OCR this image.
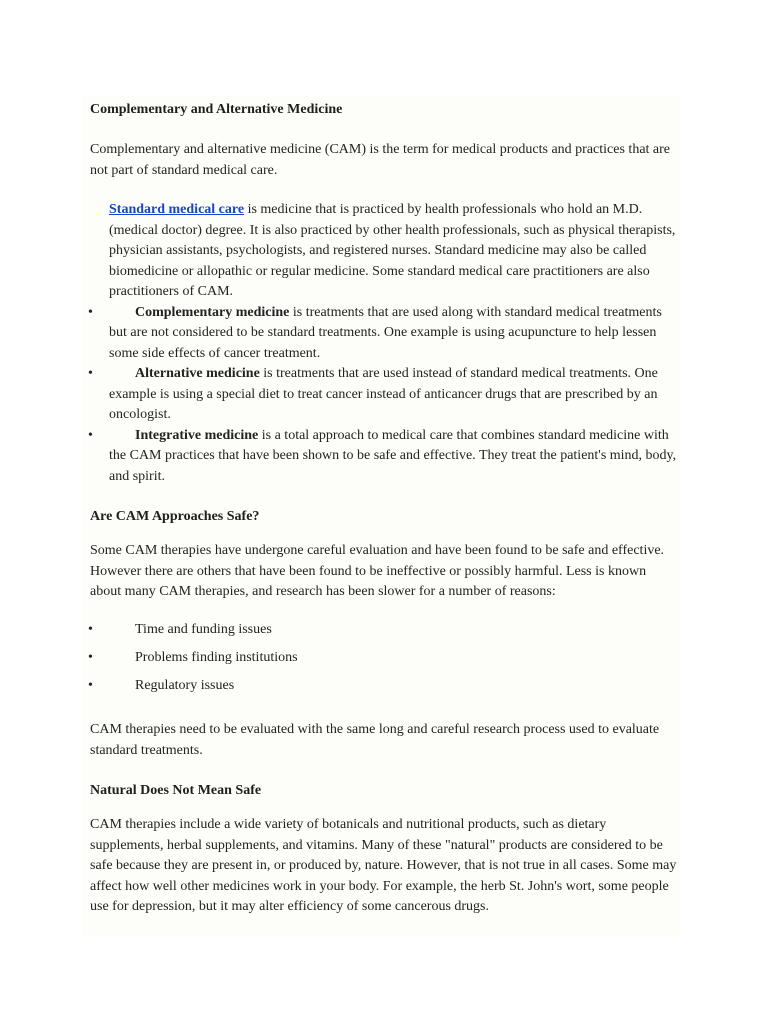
Complementary and Alternative Medicine

Complementary and alternative medicine (CAM) is the term for medical products and practices that are not part of standard medical care.

Standard medical care is medicine that is practiced by health professionals who hold an M.D. (medical doctor) degree. It is also practiced by other health professionals, such as physical therapists, physician assistants, psychologists, and registered nurses. Standard medicine may also be called biomedicine or allopathic or regular medicine. Some standard medical care practitioners are also practitioners of CAM.
•	Complementary medicine is treatments that are used along with standard medical treatments but are not considered to be standard treatments. One example is using acupuncture to help lessen some side effects of cancer treatment.
•	Alternative medicine is treatments that are used instead of standard medical treatments. One example is using a special diet to treat cancer instead of anticancer drugs that are prescribed by an oncologist.
•	Integrative medicine is a total approach to medical care that combines standard medicine with the CAM practices that have been shown to be safe and effective. They treat the patient's mind, body, and spirit.
Are CAM Approaches Safe?

Some CAM therapies have undergone careful evaluation and have been found to be safe and effective. However there are others that have been found to be ineffective or possibly harmful. Less is known about many CAM therapies, and research has been slower for a number of reasons:

•	Time and funding issues
•	Problems finding institutions
•	Regulatory issues

CAM therapies need to be evaluated with the same long and careful research process used to evaluate standard treatments.

Natural Does Not Mean Safe

CAM therapies include a wide variety of botanicals and nutritional products, such as dietary supplements, herbal supplements, and vitamins. Many of these "natural" products are considered to be safe because they are present in, or produced by, nature. However, that is not true in all cases. Some may affect how well other medicines work in your body. For example, the herb St. John's wort, some people use for depression, but it may alter efficiency of some cancerous drugs.
